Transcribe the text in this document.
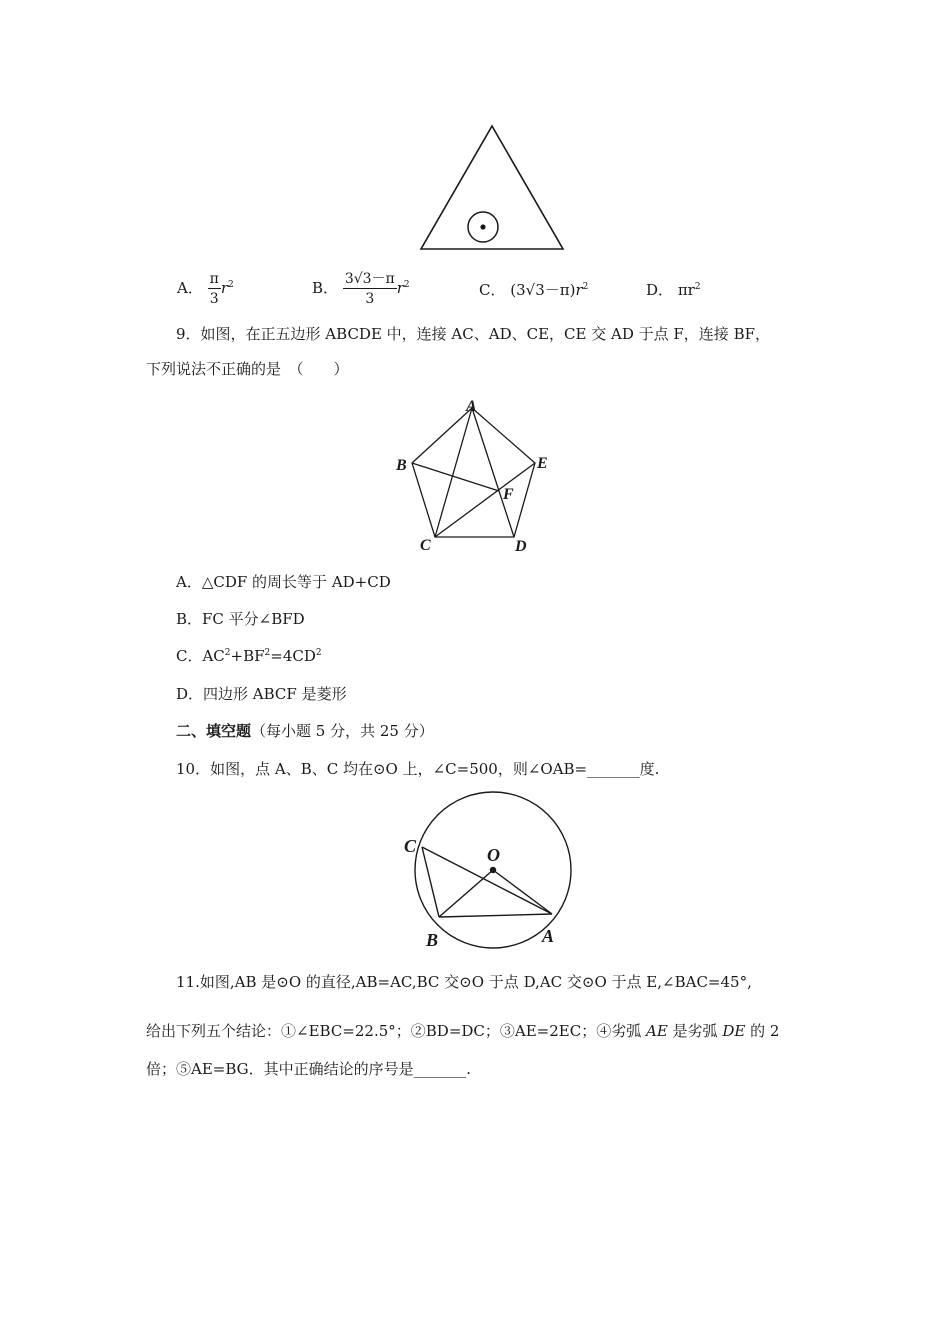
A． $\frac{\pi}{3} r^2$	B． $\frac{3√3-\pi}{3} r^2$	C． $(3√3-\pi)r^2$	D． $\pi r^2$
9．如图，在正五边形 ABCDE 中，连接 AC、AD、CE，CE 交 AD 于点 F，连接 BF，
下列说法不正确的是　（　　）
A
B	E
F
C	D
A．△CDF 的周长等于 AD+CD
B．FC 平分∠BFD
C．$AC^2+BF^2=4CD^2$
D．四边形 ABCF 是菱形
二、填空题（每小题 5 分，共 25 分）
10．如图，点 A、B、C 均在⊙O 上，∠C=500，则∠OAB=_______度.
C	O
B	A
11.如图,AB 是⊙O 的直径,AB=AC,BC 交⊙O 于点 D,AC 交⊙O 于点 E,∠BAC=45°,
给出下列五个结论：①∠EBC=22.5°；②BD=DC；③AE=2EC；④劣弧 AE 是劣弧 DE 的 2
倍；⑤AE=BG．其中正确结论的序号是_______.
